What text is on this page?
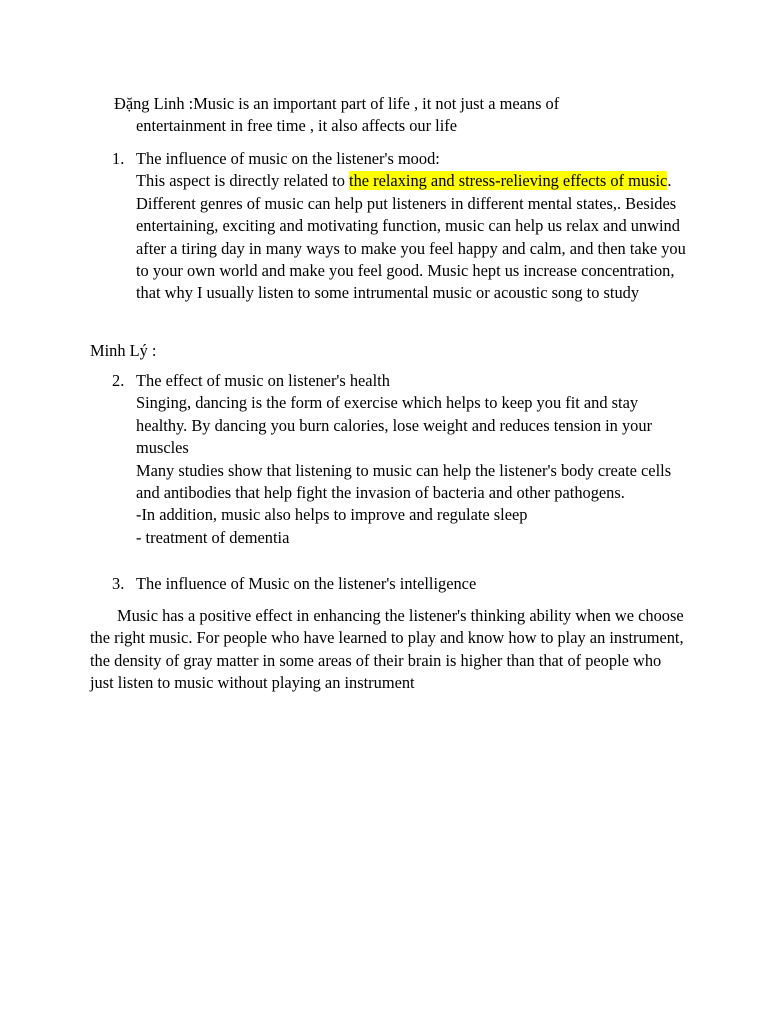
Đặng Linh :Music is an important part of life , it not just a means of
entertainment in free time , it also affects our life
1. The influence of music on the listener's mood:

This aspect is directly related to the relaxing and stress-relieving effects of music. Different genres of music can help put listeners in different mental states,. Besides entertaining, exciting and motivating function, music can help us relax and unwind after a tiring day in many ways to make you feel happy and calm, and then take you to your own world and make you feel good. Music hept us increase concentration, that why I usually listen to some intrumental music or acoustic song to study

Minh Lý :
2. The effect of music on listener's health

Singing, dancing is the form of exercise which helps to keep you fit and stay healthy. By dancing you burn calories, lose weight and reduces tension in your muscles

Many studies show that listening to music can help the listener's body create cells and antibodies that help fight the invasion of bacteria and other pathogens.

-In addition, music also helps to improve and regulate sleep

- treatment of dementia

3. The influence of Music on the listener's intelligence

Music has a positive effect in enhancing the listener's thinking ability when we choose the right music. For people who have learned to play and know how to play an instrument, the density of gray matter in some areas of their brain is higher than that of people who just listen to music without playing an instrument
